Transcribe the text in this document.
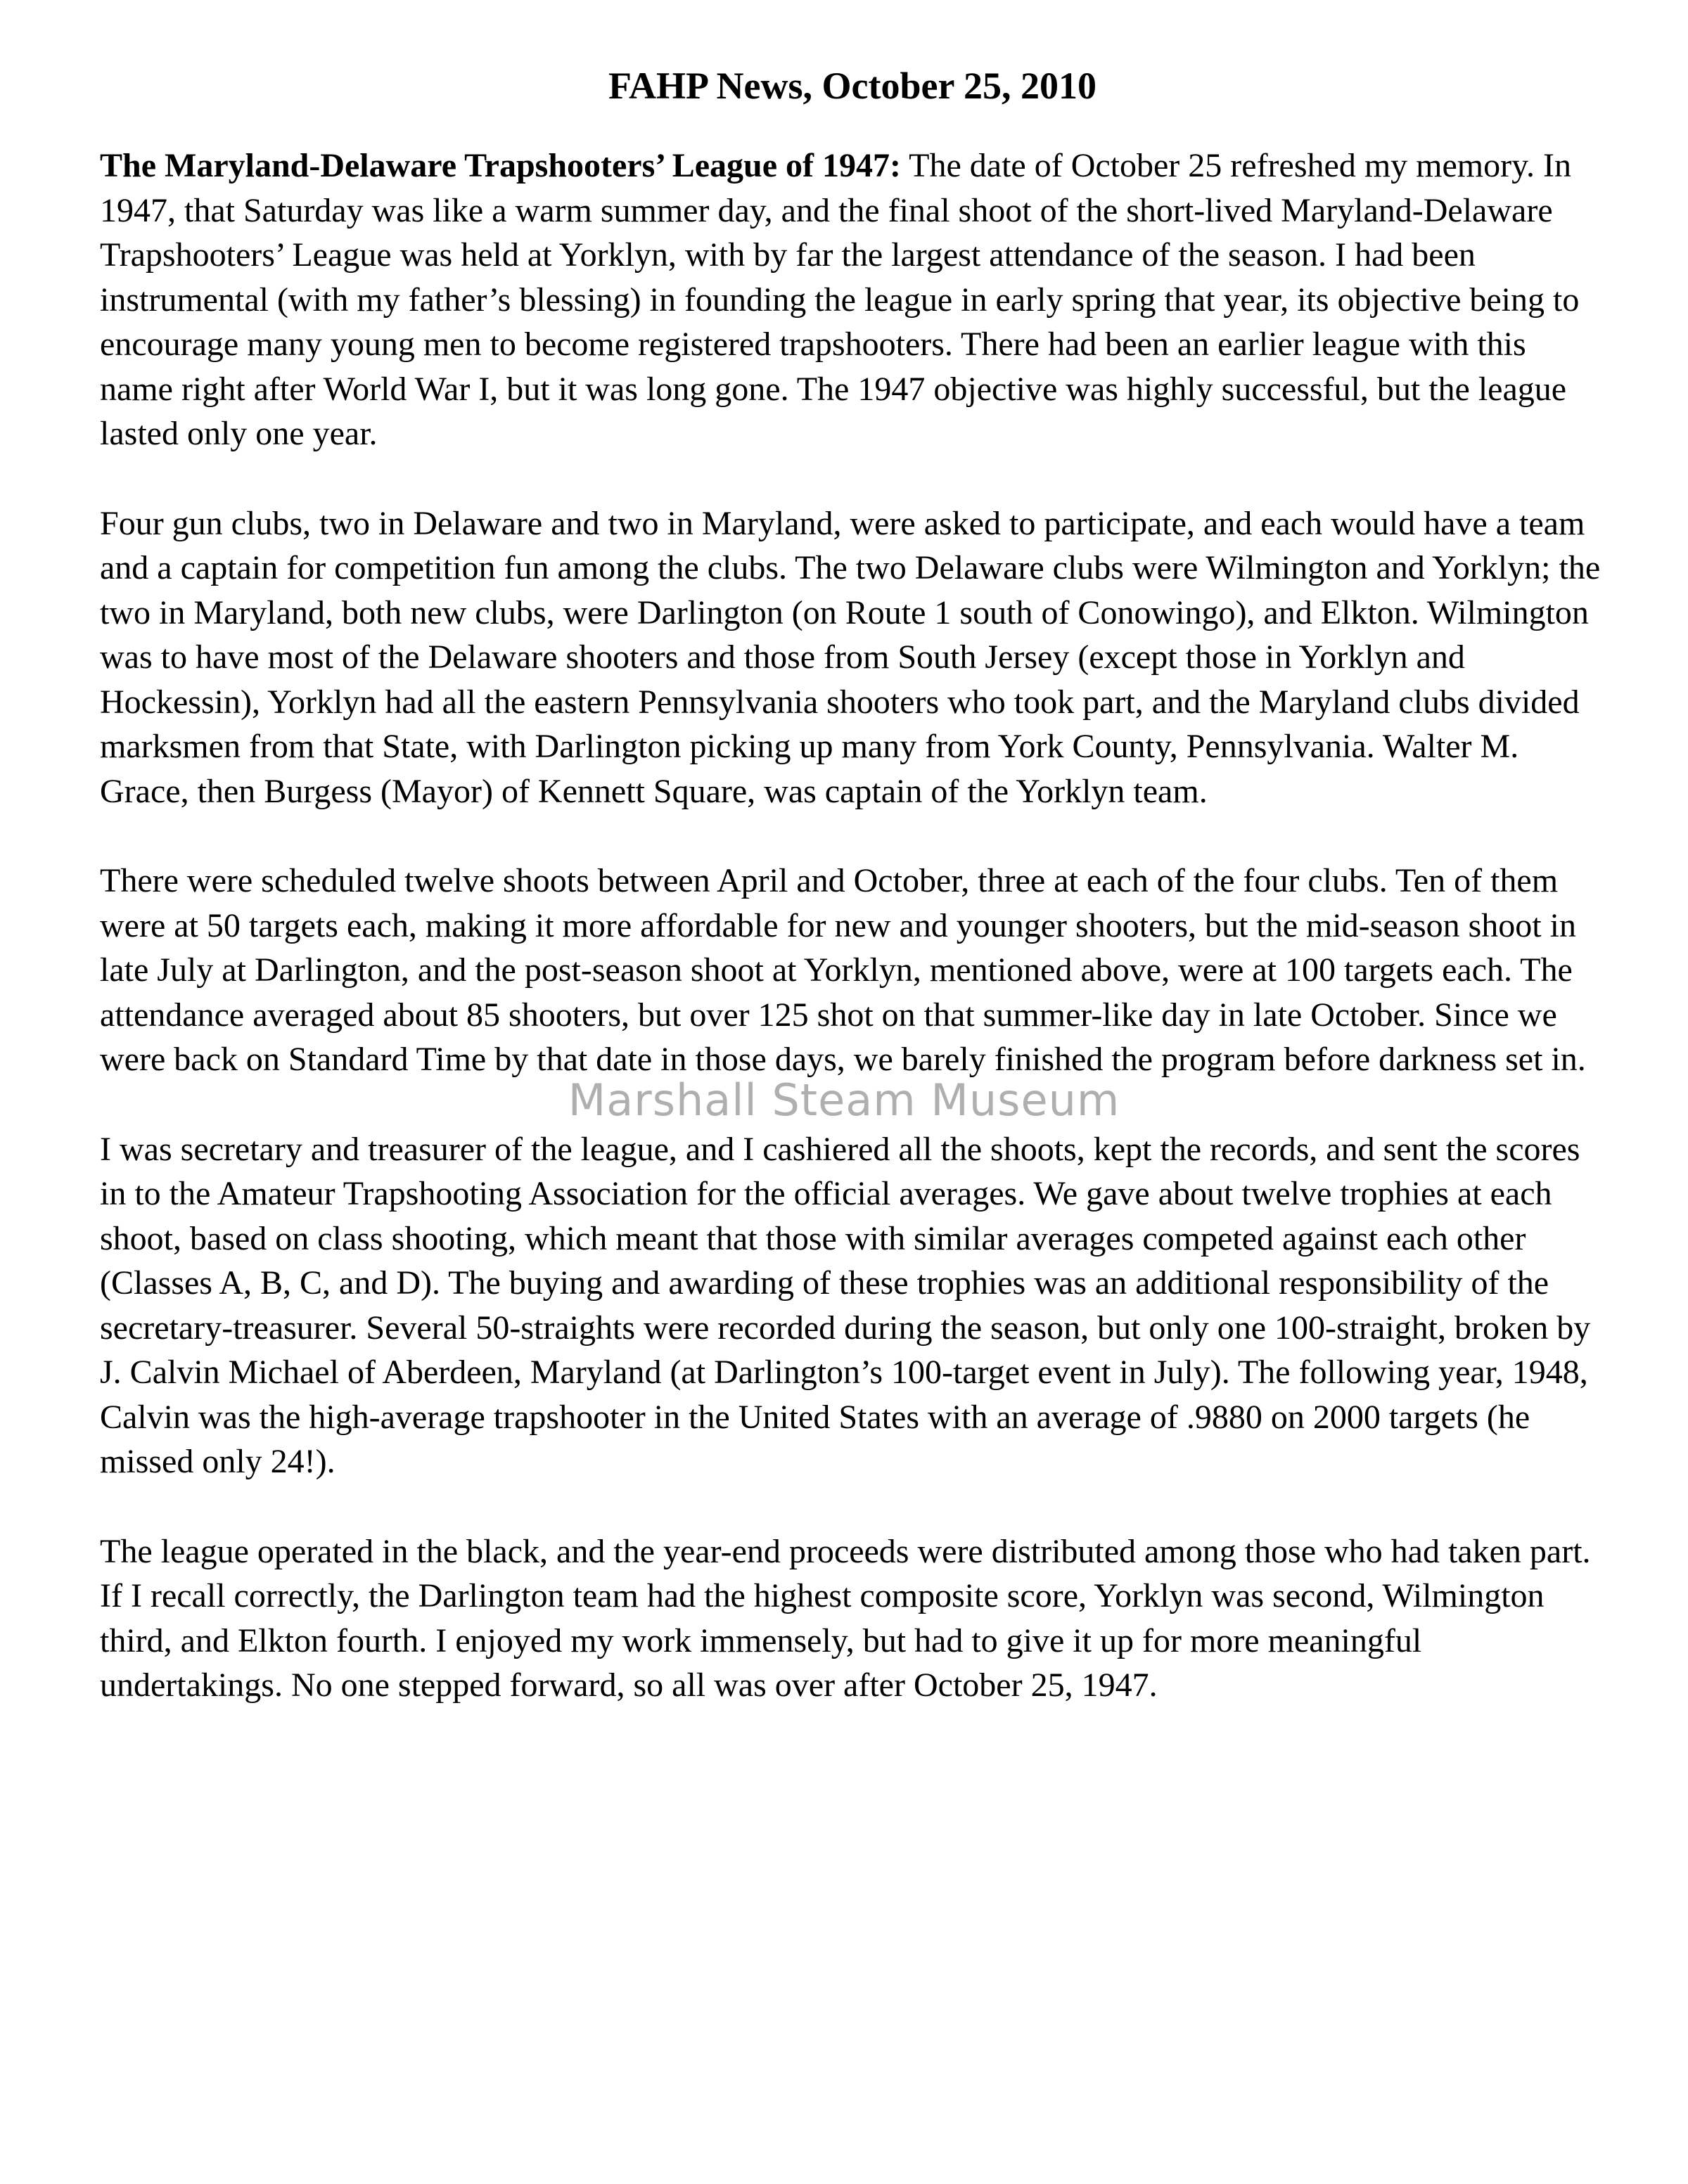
FAHP News, October 25, 2010

The Maryland-Delaware Trapshooters’ League of 1947: The date of October 25 refreshed my memory. In 1947, that Saturday was like a warm summer day, and the final shoot of the short-lived Maryland-Delaware Trapshooters’ League was held at Yorklyn, with by far the largest attendance of the season. I had been instrumental (with my father’s blessing) in founding the league in early spring that year, its objective being to encourage many young men to become registered trapshooters. There had been an earlier league with this name right after World War I, but it was long gone. The 1947 objective was highly successful, but the league lasted only one year.

Four gun clubs, two in Delaware and two in Maryland, were asked to participate, and each would have a team and a captain for competition fun among the clubs. The two Delaware clubs were Wilmington and Yorklyn; the two in Maryland, both new clubs, were Darlington (on Route 1 south of Conowingo), and Elkton. Wilmington was to have most of the Delaware shooters and those from South Jersey (except those in Yorklyn and Hockessin), Yorklyn had all the eastern Pennsylvania shooters who took part, and the Maryland clubs divided marksmen from that State, with Darlington picking up many from York County, Pennsylvania. Walter M. Grace, then Burgess (Mayor) of Kennett Square, was captain of the Yorklyn team.

There were scheduled twelve shoots between April and October, three at each of the four clubs. Ten of them were at 50 targets each, making it more affordable for new and younger shooters, but the mid-season shoot in late July at Darlington, and the post-season shoot at Yorklyn, mentioned above, were at 100 targets each. The attendance averaged about 85 shooters, but over 125 shot on that summer-like day in late October. Since we were back on Standard Time by that date in those days, we barely finished the program before darkness set in.

I was secretary and treasurer of the league, and I cashiered all the shoots, kept the records, and sent the scores in to the Amateur Trapshooting Association for the official averages. We gave about twelve trophies at each shoot, based on class shooting, which meant that those with similar averages competed against each other (Classes A, B, C, and D). The buying and awarding of these trophies was an additional responsibility of the secretary-treasurer. Several 50-straights were recorded during the season, but only one 100-straight, broken by J. Calvin Michael of Aberdeen, Maryland (at Darlington’s 100-target event in July). The following year, 1948, Calvin was the high-average trapshooter in the United States with an average of .9880 on 2000 targets (he missed only 24!).

The league operated in the black, and the year-end proceeds were distributed among those who had taken part. If I recall correctly, the Darlington team had the highest composite score, Yorklyn was second, Wilmington third, and Elkton fourth. I enjoyed my work immensely, but had to give it up for more meaningful undertakings. No one stepped forward, so all was over after October 25, 1947.

Marshall Steam Museum
